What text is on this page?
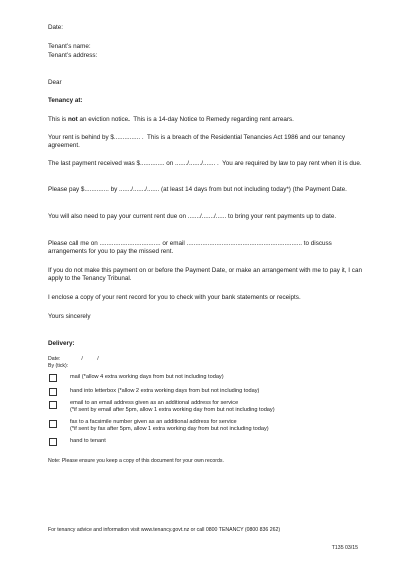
Date:
Tenant’s name:
Tenant’s address:
Dear
Tenancy at:
This is not an eviction notice.  This is a 14-day Notice to Remedy regarding rent arrears.
Your rent is behind by $............... .  This is a breach of the Residential Tenancies Act 1986 and our tenancy agreement.
The last payment received was $.............. on ......./......./....... .  You are required by law to pay rent when it is due.
Please pay $.............. by ......./......./....... (at least 14 days from but not including today*) (the Payment Date.
You will also need to pay your current rent due on ......./......./...... to bring your rent payments up to date.
Please call me on ................................... or email .................................................................. to discuss arrangements for you to pay the missed rent.
If you do not make this payment on or before the Payment Date, or make an arrangement with me to pay it, I can apply to the Tenancy Tribunal.
I enclose a copy of your rent record for you to check with your bank statements or receipts.
Yours sincerely
Delivery:
Date:	/          /
By (tick):
mail (*allow 4 extra working days from but not including today)
hand into letterbox (*allow 2 extra working days from but not including today)
email to an email address given as an additional address for service
(*if sent by email after 5pm, allow 1 extra working day from but not including today)
fax to a facsimile number given as an additional address for service
(*if sent by fax after 5pm, allow 1 extra working day from but not including today)
hand to tenant
Note: Please ensure you keep a copy of this document for your own records.
For tenancy advice and information visit www.tenancy.govt.nz or call 0800 TENANCY (0800 836 262)
T135 03/15
